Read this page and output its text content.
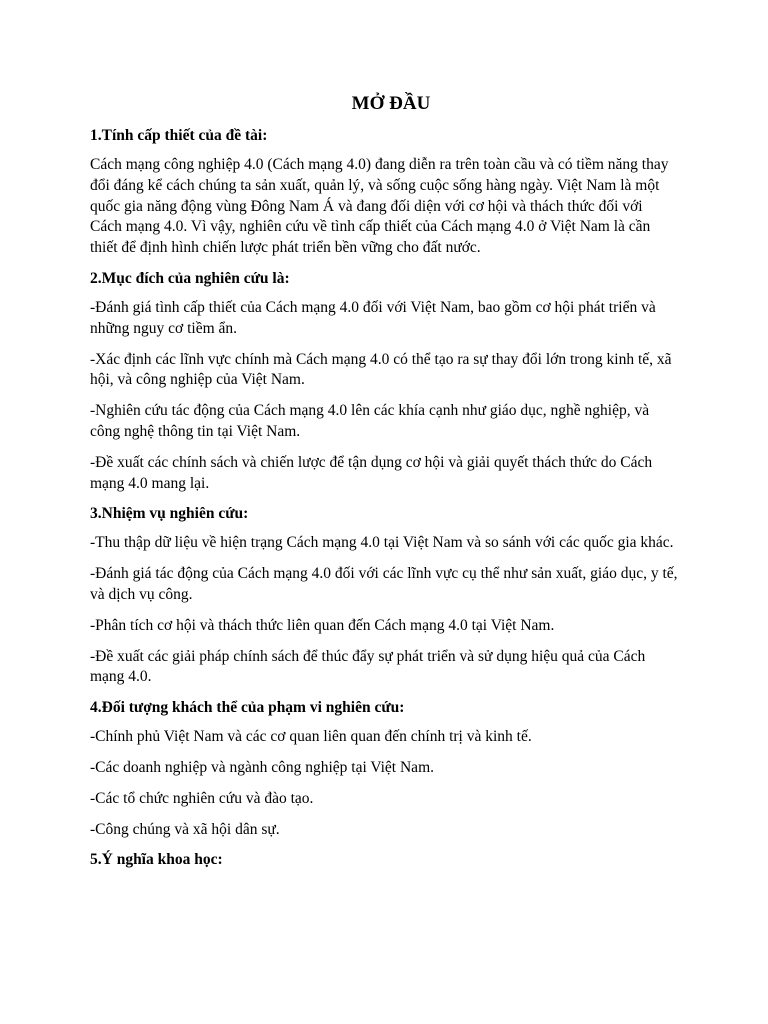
MỞ ĐẦU
1.Tính cấp thiết của đề tài:
Cách mạng công nghiệp 4.0 (Cách mạng 4.0) đang diễn ra trên toàn cầu và có tiềm năng thay đổi đáng kể cách chúng ta sản xuất, quản lý, và sống cuộc sống hàng ngày. Việt Nam là một quốc gia năng động vùng Đông Nam Á và đang đối diện với cơ hội và thách thức đối với Cách mạng 4.0. Vì vậy, nghiên cứu về tình cấp thiết của Cách mạng 4.0 ở Việt Nam là cần thiết để định hình chiến lược phát triển bền vững cho đất nước.
2.Mục đích của nghiên cứu là:
-Đánh giá tình cấp thiết của Cách mạng 4.0 đối với Việt Nam, bao gồm cơ hội phát triển và những nguy cơ tiềm ẩn.
-Xác định các lĩnh vực chính mà Cách mạng 4.0 có thể tạo ra sự thay đổi lớn trong kinh tế, xã hội, và công nghiệp của Việt Nam.
-Nghiên cứu tác động của Cách mạng 4.0 lên các khía cạnh như giáo dục, nghề nghiệp, và công nghệ thông tin tại Việt Nam.
-Đề xuất các chính sách và chiến lược để tận dụng cơ hội và giải quyết thách thức do Cách mạng 4.0 mang lại.
3.Nhiệm vụ nghiên cứu:
-Thu thập dữ liệu về hiện trạng Cách mạng 4.0 tại Việt Nam và so sánh với các quốc gia khác.
-Đánh giá tác động của Cách mạng 4.0 đối với các lĩnh vực cụ thể như sản xuất, giáo dục, y tế, và dịch vụ công.
-Phân tích cơ hội và thách thức liên quan đến Cách mạng 4.0 tại Việt Nam.
-Đề xuất các giải pháp chính sách để thúc đẩy sự phát triển và sử dụng hiệu quả của Cách mạng 4.0.
4.Đối tượng khách thể của phạm vi nghiên cứu:
-Chính phủ Việt Nam và các cơ quan liên quan đến chính trị và kinh tế.
-Các doanh nghiệp và ngành công nghiệp tại Việt Nam.
-Các tổ chức nghiên cứu và đào tạo.
-Công chúng và xã hội dân sự.
5.Ý nghĩa khoa học:
